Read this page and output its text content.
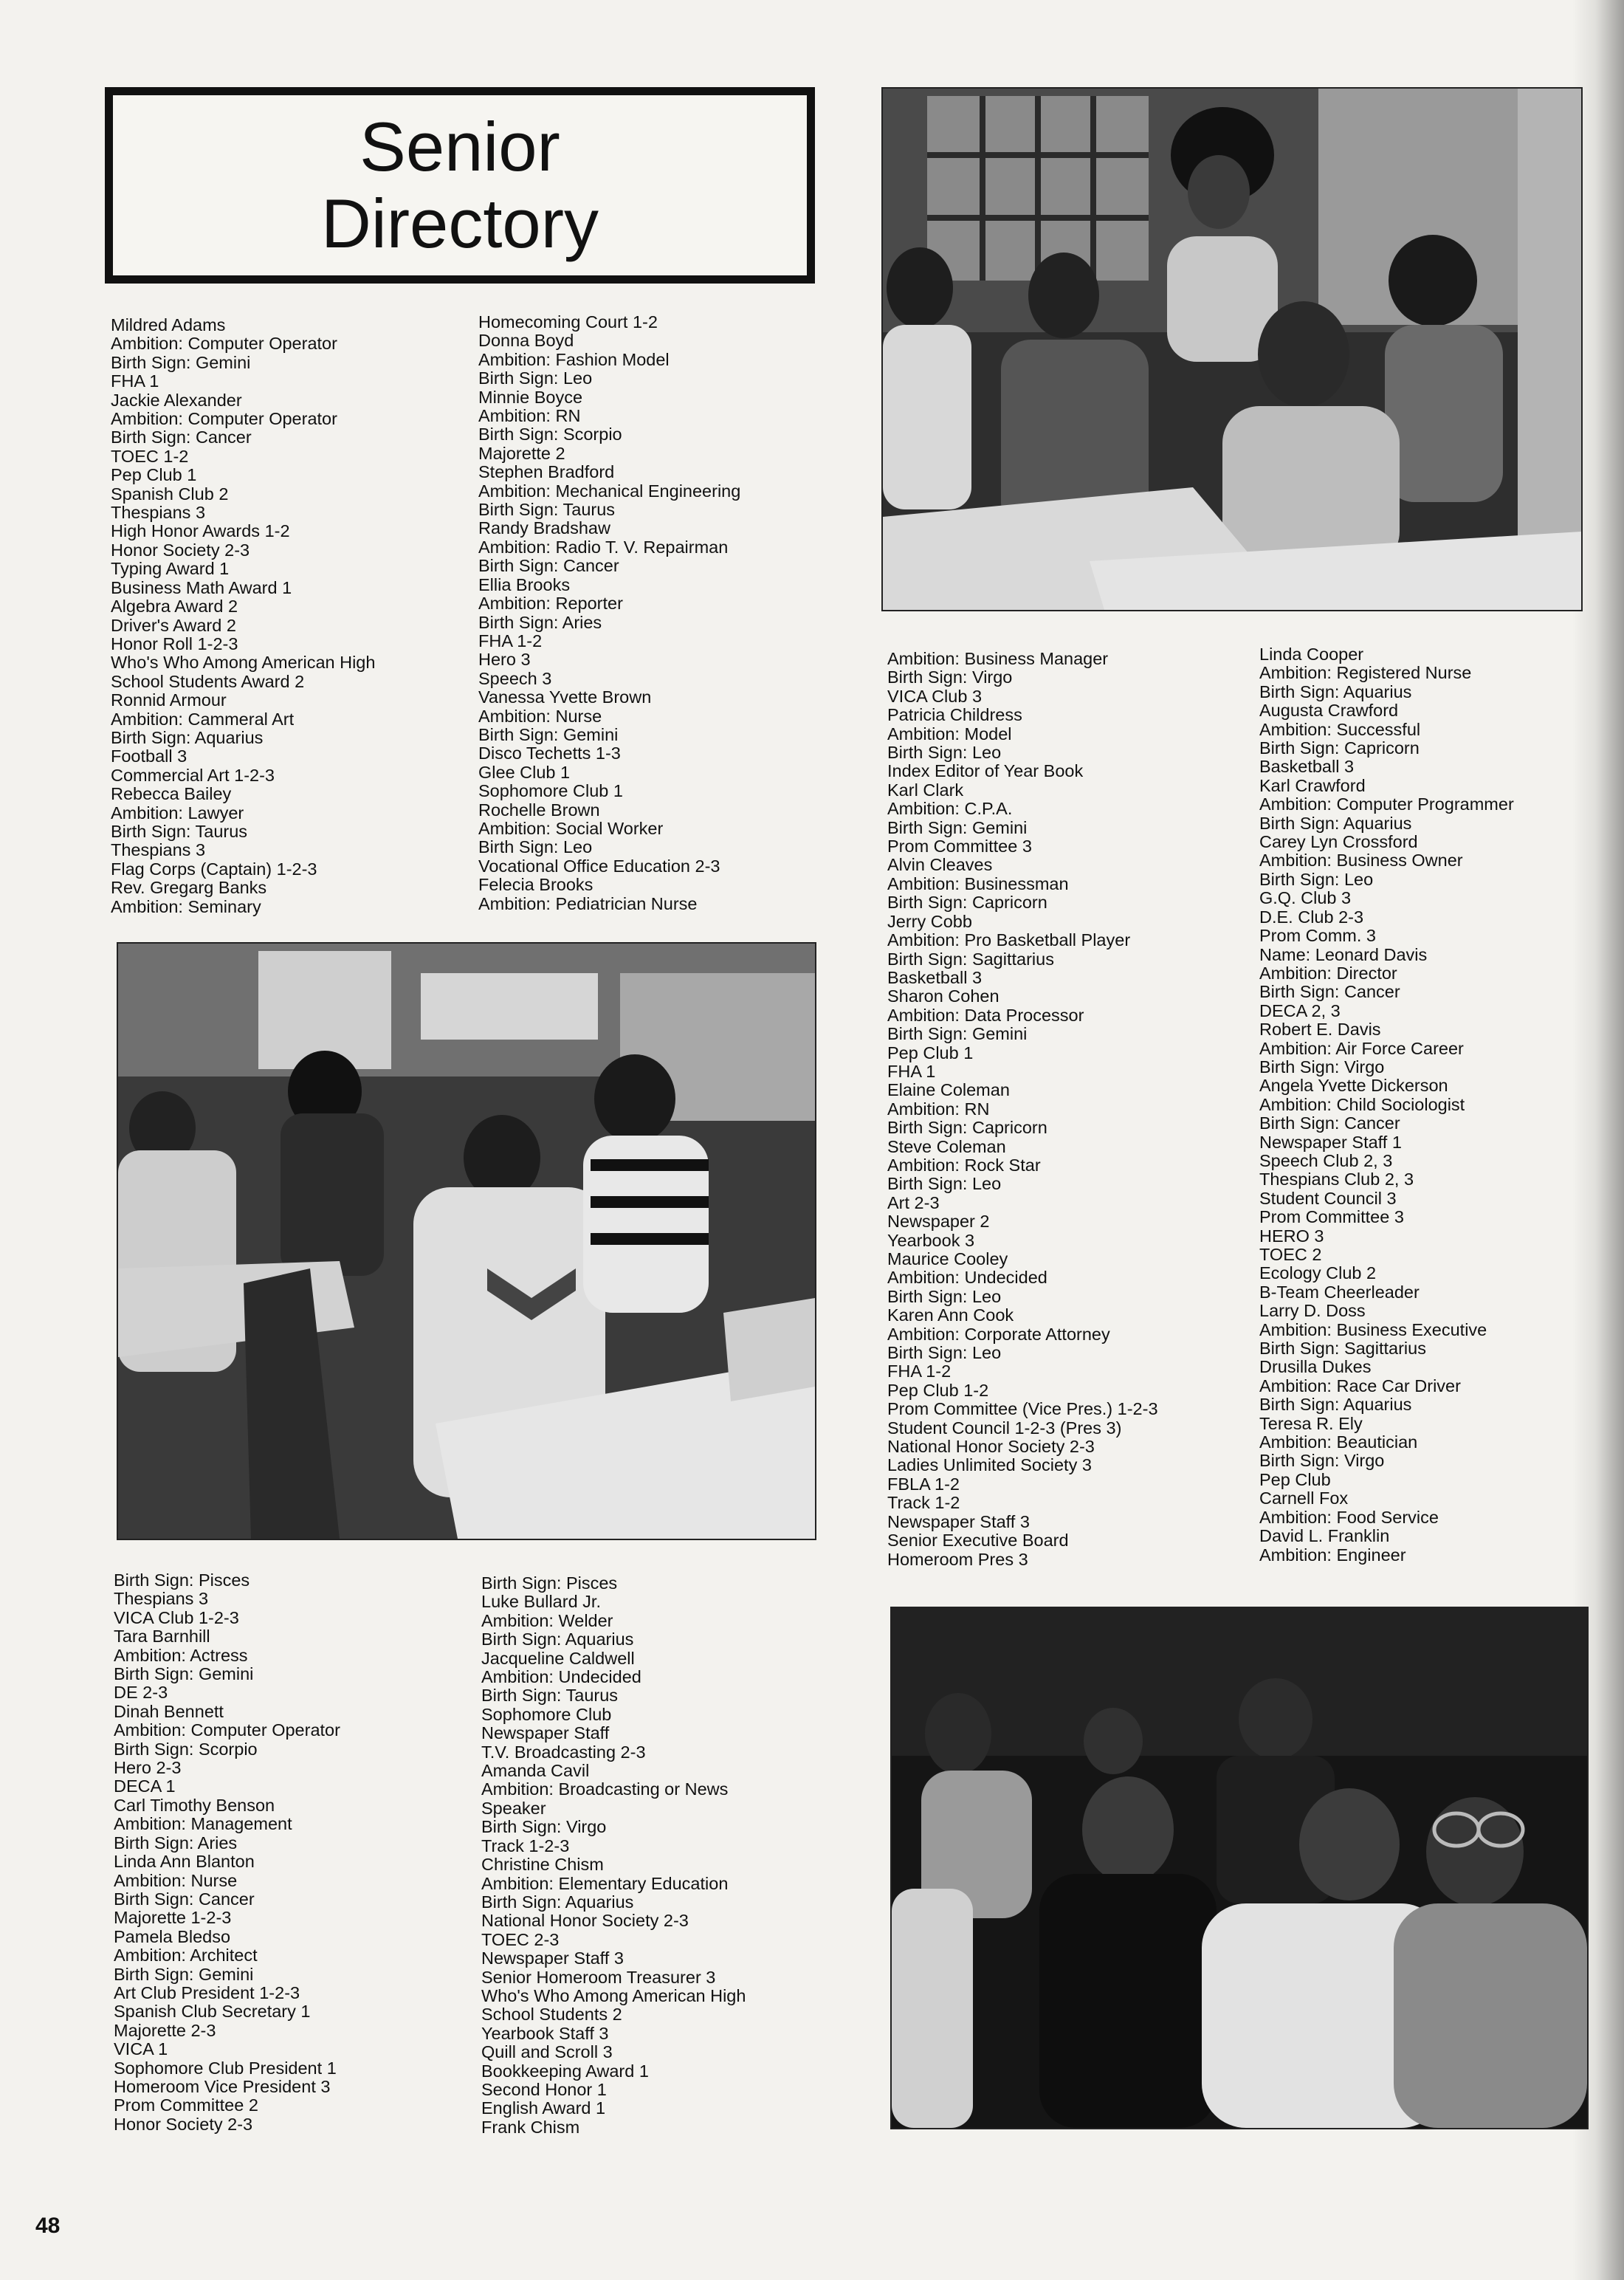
Senior
Directory
Mildred Adams
Ambition: Computer Operator
Birth Sign: Gemini
FHA 1
Jackie Alexander
Ambition: Computer Operator
Birth Sign: Cancer
TOEC 1-2
Pep Club 1
Spanish Club 2
Thespians 3
High Honor Awards 1-2
Honor Society 2-3
Typing Award 1
Business Math Award 1
Algebra Award 2
Driver's Award 2
Honor Roll 1-2-3
Who's Who Among American High
School Students Award 2
Ronnid Armour
Ambition: Cammeral Art
Birth Sign: Aquarius
Football 3
Commercial Art 1-2-3
Rebecca Bailey
Ambition: Lawyer
Birth Sign: Taurus
Thespians 3
Flag Corps (Captain) 1-2-3
Rev. Gregarg Banks
Ambition: Seminary
Homecoming Court 1-2
Donna Boyd
Ambition: Fashion Model
Birth Sign: Leo
Minnie Boyce
Ambition: RN
Birth Sign: Scorpio
Majorette 2
Stephen Bradford
Ambition: Mechanical Engineering
Birth Sign: Taurus
Randy Bradshaw
Ambition: Radio T. V. Repairman
Birth Sign: Cancer
Ellia Brooks
Ambition: Reporter
Birth Sign: Aries
FHA 1-2
Hero 3
Speech 3
Vanessa Yvette Brown
Ambition: Nurse
Birth Sign: Gemini
Disco Techetts 1-3
Glee Club 1
Sophomore Club 1
Rochelle Brown
Ambition: Social Worker
Birth Sign: Leo
Vocational Office Education 2-3
Felecia Brooks
Ambition: Pediatrician Nurse
Ambition: Business Manager
Birth Sign: Virgo
VICA Club 3
Patricia Childress
Ambition: Model
Birth Sign: Leo
Index Editor of Year Book
Karl Clark
Ambition: C.P.A.
Birth Sign: Gemini
Prom Committee 3
Alvin Cleaves
Ambition: Businessman
Birth Sign: Capricorn
Jerry Cobb
Ambition: Pro Basketball Player
Birth Sign: Sagittarius
Basketball 3
Sharon Cohen
Ambition: Data Processor
Birth Sign: Gemini
Pep Club 1
FHA 1
Elaine Coleman
Ambition: RN
Birth Sign: Capricorn
Steve Coleman
Ambition: Rock Star
Birth Sign: Leo
Art 2-3
Newspaper 2
Yearbook 3
Maurice Cooley
Ambition: Undecided
Birth Sign: Leo
Karen Ann Cook
Ambition: Corporate Attorney
Birth Sign: Leo
FHA 1-2
Pep Club 1-2
Prom Committee (Vice Pres.) 1-2-3
Student Council 1-2-3 (Pres 3)
National Honor Society 2-3
Ladies Unlimited Society 3
FBLA 1-2
Track 1-2
Newspaper Staff 3
Senior Executive Board
Homeroom Pres 3
Linda Cooper
Ambition: Registered Nurse
Birth Sign: Aquarius
Augusta Crawford
Ambition: Successful
Birth Sign: Capricorn
Basketball 3
Karl Crawford
Ambition: Computer Programmer
Birth Sign: Aquarius
Carey Lyn Crossford
Ambition: Business Owner
Birth Sign: Leo
G.Q. Club 3
D.E. Club 2-3
Prom Comm. 3
Name: Leonard Davis
Ambition: Director
Birth Sign: Cancer
DECA 2, 3
Robert E. Davis
Ambition: Air Force Career
Birth Sign: Virgo
Angela Yvette Dickerson
Ambition: Child Sociologist
Birth Sign: Cancer
Newspaper Staff 1
Speech Club 2, 3
Thespians Club 2, 3
Student Council 3
Prom Committee 3
HERO 3
TOEC 2
Ecology Club 2
B-Team Cheerleader
Larry D. Doss
Ambition: Business Executive
Birth Sign: Sagittarius
Drusilla Dukes
Ambition: Race Car Driver
Birth Sign: Aquarius
Teresa R. Ely
Ambition: Beautician
Birth Sign: Virgo
Pep Club
Carnell Fox
Ambition: Food Service
David L. Franklin
Ambition: Engineer
Birth Sign: Pisces
Thespians 3
VICA Club 1-2-3
Tara Barnhill
Ambition: Actress
Birth Sign: Gemini
DE 2-3
Dinah Bennett
Ambition: Computer Operator
Birth Sign: Scorpio
Hero 2-3
DECA 1
Carl Timothy Benson
Ambition: Management
Birth Sign: Aries
Linda Ann Blanton
Ambition: Nurse
Birth Sign: Cancer
Majorette 1-2-3
Pamela Bledso
Ambition: Architect
Birth Sign: Gemini
Art Club President 1-2-3
Spanish Club Secretary 1
Majorette 2-3
VICA 1
Sophomore Club President 1
Homeroom Vice President 3
Prom Committee 2
Honor Society 2-3
Birth Sign: Pisces
Luke Bullard Jr.
Ambition: Welder
Birth Sign: Aquarius
Jacqueline Caldwell
Ambition: Undecided
Birth Sign: Taurus
Sophomore Club
Newspaper Staff
T.V. Broadcasting 2-3
Amanda Cavil
Ambition: Broadcasting or News
Speaker
Birth Sign: Virgo
Track 1-2-3
Christine Chism
Ambition: Elementary Education
Birth Sign: Aquarius
National Honor Society 2-3
TOEC 2-3
Newspaper Staff 3
Senior Homeroom Treasurer 3
Who's Who Among American High
School Students 2
Yearbook Staff 3
Quill and Scroll 3
Bookkeeping Award 1
Second Honor 1
English Award 1
Frank Chism
48
